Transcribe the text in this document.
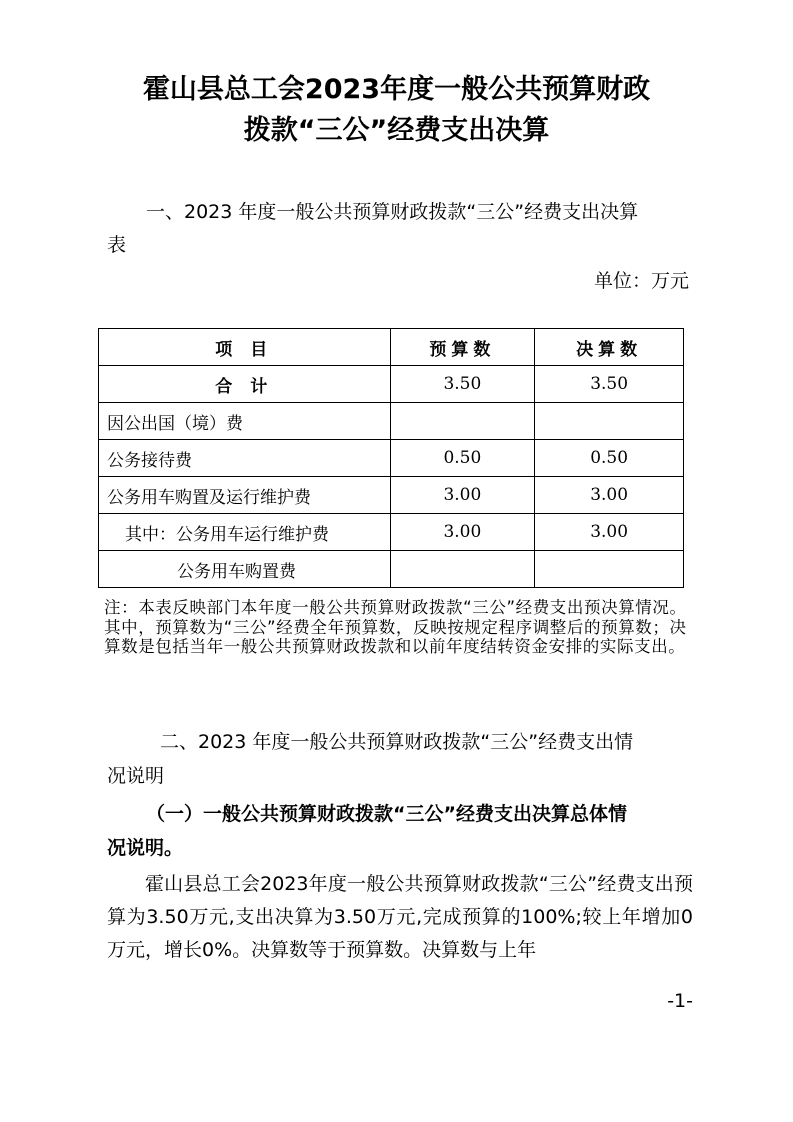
霍山县总工会2023年度一般公共预算财政
拨款“三公”经费支出决算
一、2023 年度一般公共预算财政拨款“三公”经费支出决算
表
单位：万元
项 目	预算数	决算数
合 计	3.50	3.50
因公出国（境）费		
公务接待费	0.50	0.50
公务用车购置及运行维护费	3.00	3.00
其中：公务用车运行维护费	3.00	3.00
公务用车购置费		
注：本表反映部门本年度一般公共预算财政拨款“三公”经费支出预决算情况。其中，预算数为“三公”经费全年预算数，反映按规定程序调整后的预算数；决算数是包括当年一般公共预算财政拨款和以前年度结转资金安排的实际支出。
二、2023 年度一般公共预算财政拨款“三公”经费支出情
况说明
（一）一般公共预算财政拨款“三公”经费支出决算总体情
况说明。
霍山县总工会2023年度一般公共预算财政拨款“三公”经费支出预算为3.50万元,支出决算为3.50万元,完成预算的100%;较上年增加0万元，增长0%。决算数等于预算数。决算数与上年
-1-
